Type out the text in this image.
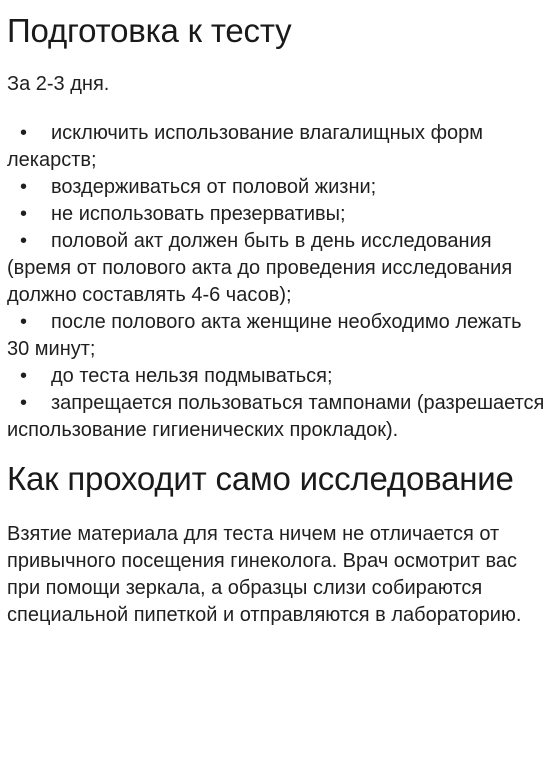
Подготовка к тесту

За 2-3 дня.

• исключить использование влагалищных форм лекарств;
• воздерживаться от половой жизни;
• не использовать презервативы;
• половой акт должен быть в день исследования (время от полового акта до проведения исследования должно составлять 4-6 часов);
• после полового акта женщине необходимо лежать 30 минут;
• до теста нельзя подмываться;
• запрещается пользоваться тампонами (разрешается использование гигиенических прокладок).
Как проходит само исследование

Взятие материала для теста ничем не отличается от привычного посещения гинеколога. Врач осмотрит вас при помощи зеркала, а образцы слизи собираются специальной пипеткой и отправляются в лабораторию.
